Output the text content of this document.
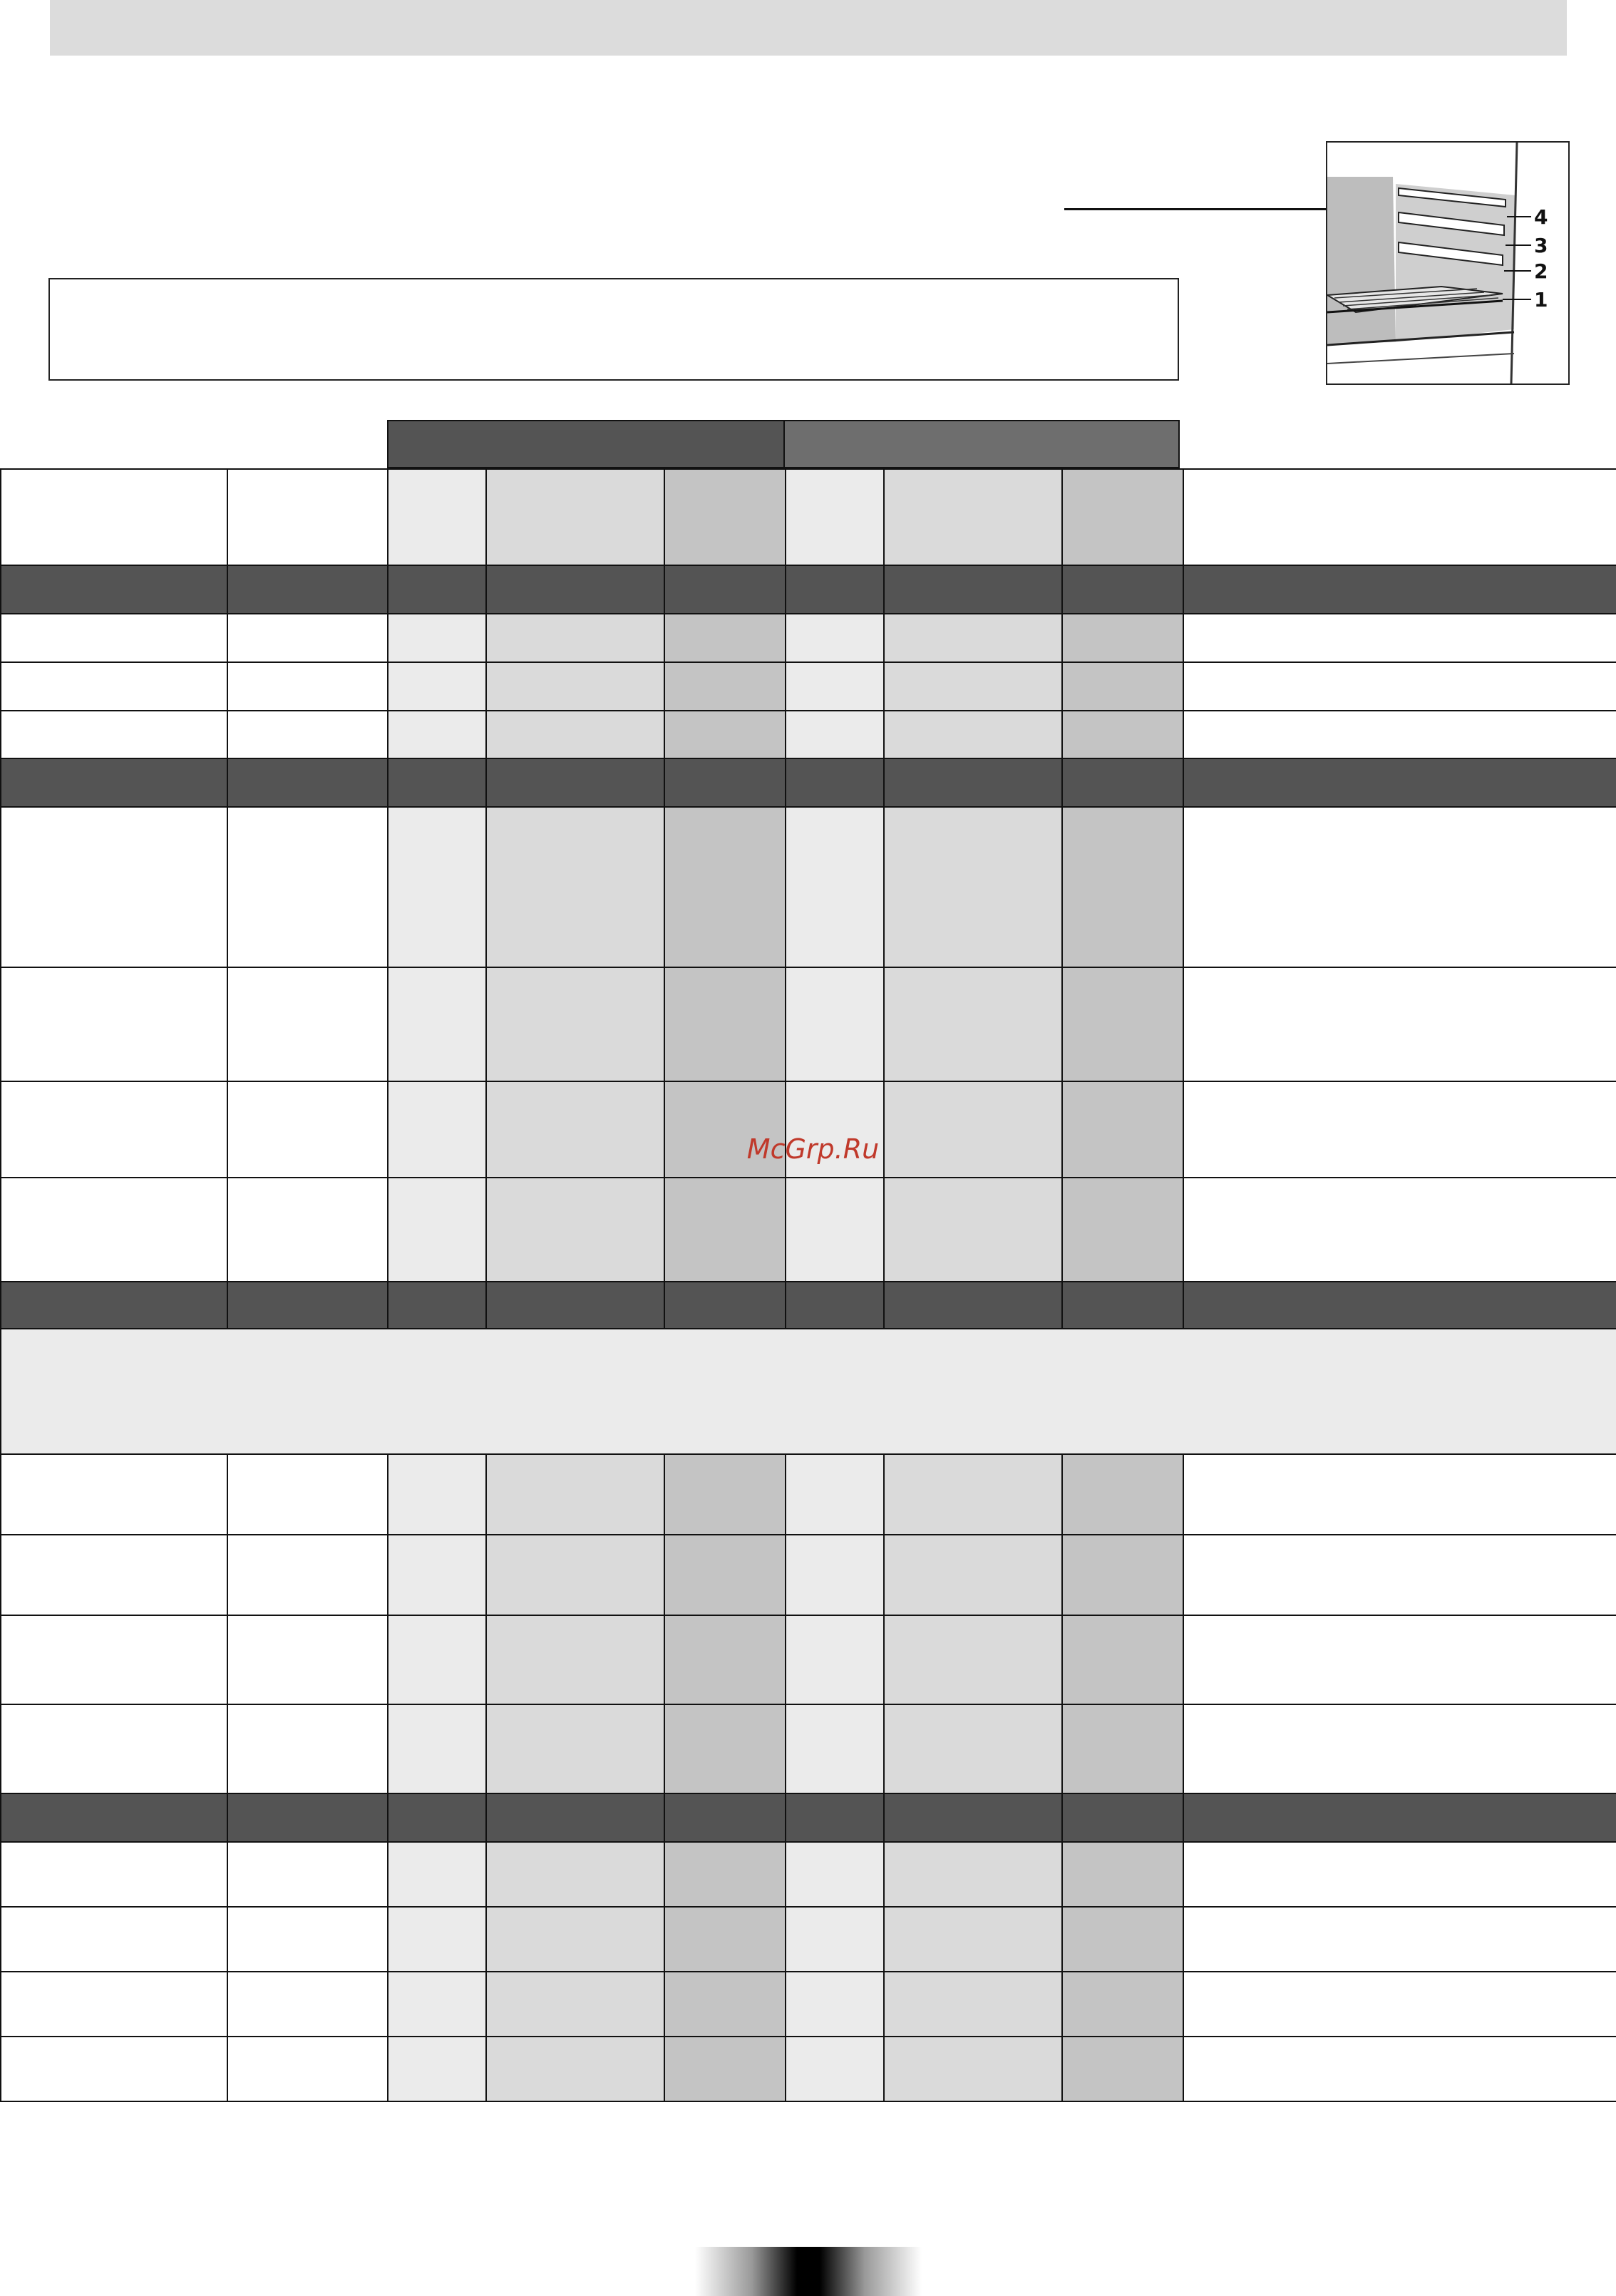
4
3
2
1

McGrp.Ru
